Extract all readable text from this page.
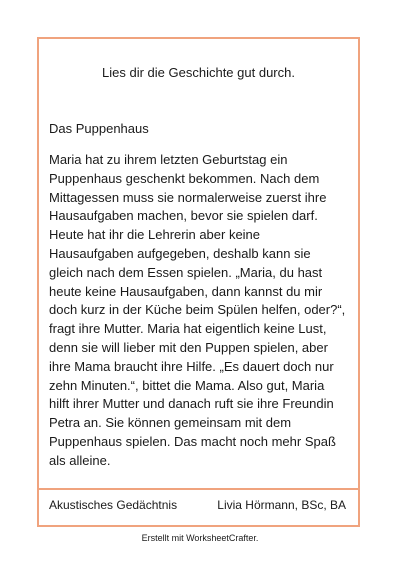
Lies dir die Geschichte gut durch.
Das Puppenhaus

Maria hat zu ihrem letzten Geburtstag ein
Puppenhaus geschenkt bekommen. Nach dem
Mittagessen muss sie normalerweise zuerst ihre
Hausaufgaben machen, bevor sie spielen darf.
Heute hat ihr die Lehrerin aber keine
Hausaufgaben aufgegeben, deshalb kann sie
gleich nach dem Essen spielen. „Maria, du hast
heute keine Hausaufgaben, dann kannst du mir
doch kurz in der Küche beim Spülen helfen, oder?“,
fragt ihre Mutter. Maria hat eigentlich keine Lust,
denn sie will lieber mit den Puppen spielen, aber
ihre Mama braucht ihre Hilfe. „Es dauert doch nur
zehn Minuten.“, bittet die Mama. Also gut, Maria
hilft ihrer Mutter und danach ruft sie ihre Freundin
Petra an. Sie können gemeinsam mit dem
Puppenhaus spielen. Das macht noch mehr Spaß
als alleine.

Akustisches Gedächtnis	Livia Hörmann, BSc, BA
Erstellt mit WorksheetCrafter.
